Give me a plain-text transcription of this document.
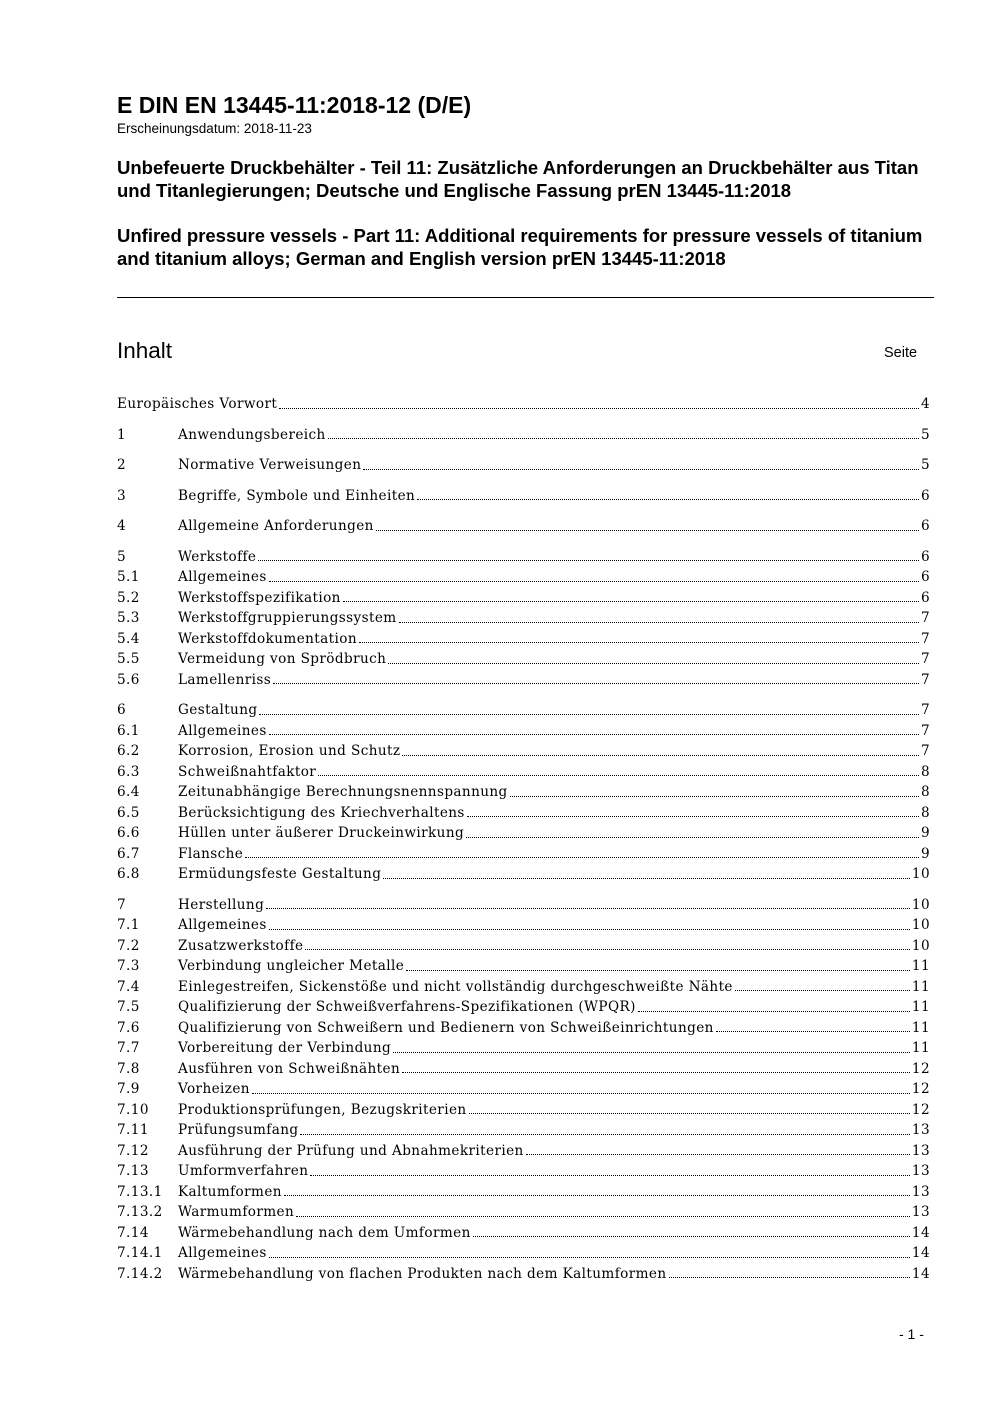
E DIN EN 13445-11:2018-12 (D/E)
Erscheinungsdatum: 2018-11-23
Unbefeuerte Druckbehälter - Teil 11: Zusätzliche Anforderungen an Druckbehälter aus Titan und Titanlegierungen; Deutsche und Englische Fassung prEN 13445-11:2018
Unfired pressure vessels - Part 11: Additional requirements for pressure vessels of titanium and titanium alloys; German and English version prEN 13445-11:2018
Inhalt	Seite
Europäisches Vorwort	4
1	Anwendungsbereich	5
2	Normative Verweisungen	5
3	Begriffe, Symbole und Einheiten	6
4	Allgemeine Anforderungen	6
5	Werkstoffe	6
5.1	Allgemeines	6
5.2	Werkstoffspezifikation	6
5.3	Werkstoffgruppierungssystem	7
5.4	Werkstoffdokumentation	7
5.5	Vermeidung von Sprödbruch	7
5.6	Lamellenriss	7
6	Gestaltung	7
6.1	Allgemeines	7
6.2	Korrosion, Erosion und Schutz	7
6.3	Schweißnahtfaktor	8
6.4	Zeitunabhängige Berechnungsnennspannung	8
6.5	Berücksichtigung des Kriechverhaltens	8
6.6	Hüllen unter äußerer Druckeinwirkung	9
6.7	Flansche	9
6.8	Ermüdungsfeste Gestaltung	10
7	Herstellung	10
7.1	Allgemeines	10
7.2	Zusatzwerkstoffe	10
7.3	Verbindung ungleicher Metalle	11
7.4	Einlegestreifen, Sickenstöße und nicht vollständig durchgeschweißte Nähte	11
7.5	Qualifizierung der Schweißverfahrens-Spezifikationen (WPQR)	11
7.6	Qualifizierung von Schweißern und Bedienern von Schweißeinrichtungen	11
7.7	Vorbereitung der Verbindung	11
7.8	Ausführen von Schweißnähten	12
7.9	Vorheizen	12
7.10	Produktionsprüfungen, Bezugskriterien	12
7.11	Prüfungsumfang	13
7.12	Ausführung der Prüfung und Abnahmekriterien	13
7.13	Umformverfahren	13
7.13.1	Kaltumformen	13
7.13.2	Warmumformen	13
7.14	Wärmebehandlung nach dem Umformen	14
7.14.1	Allgemeines	14
7.14.2	Wärmebehandlung von flachen Produkten nach dem Kaltumformen	14
- 1 -
